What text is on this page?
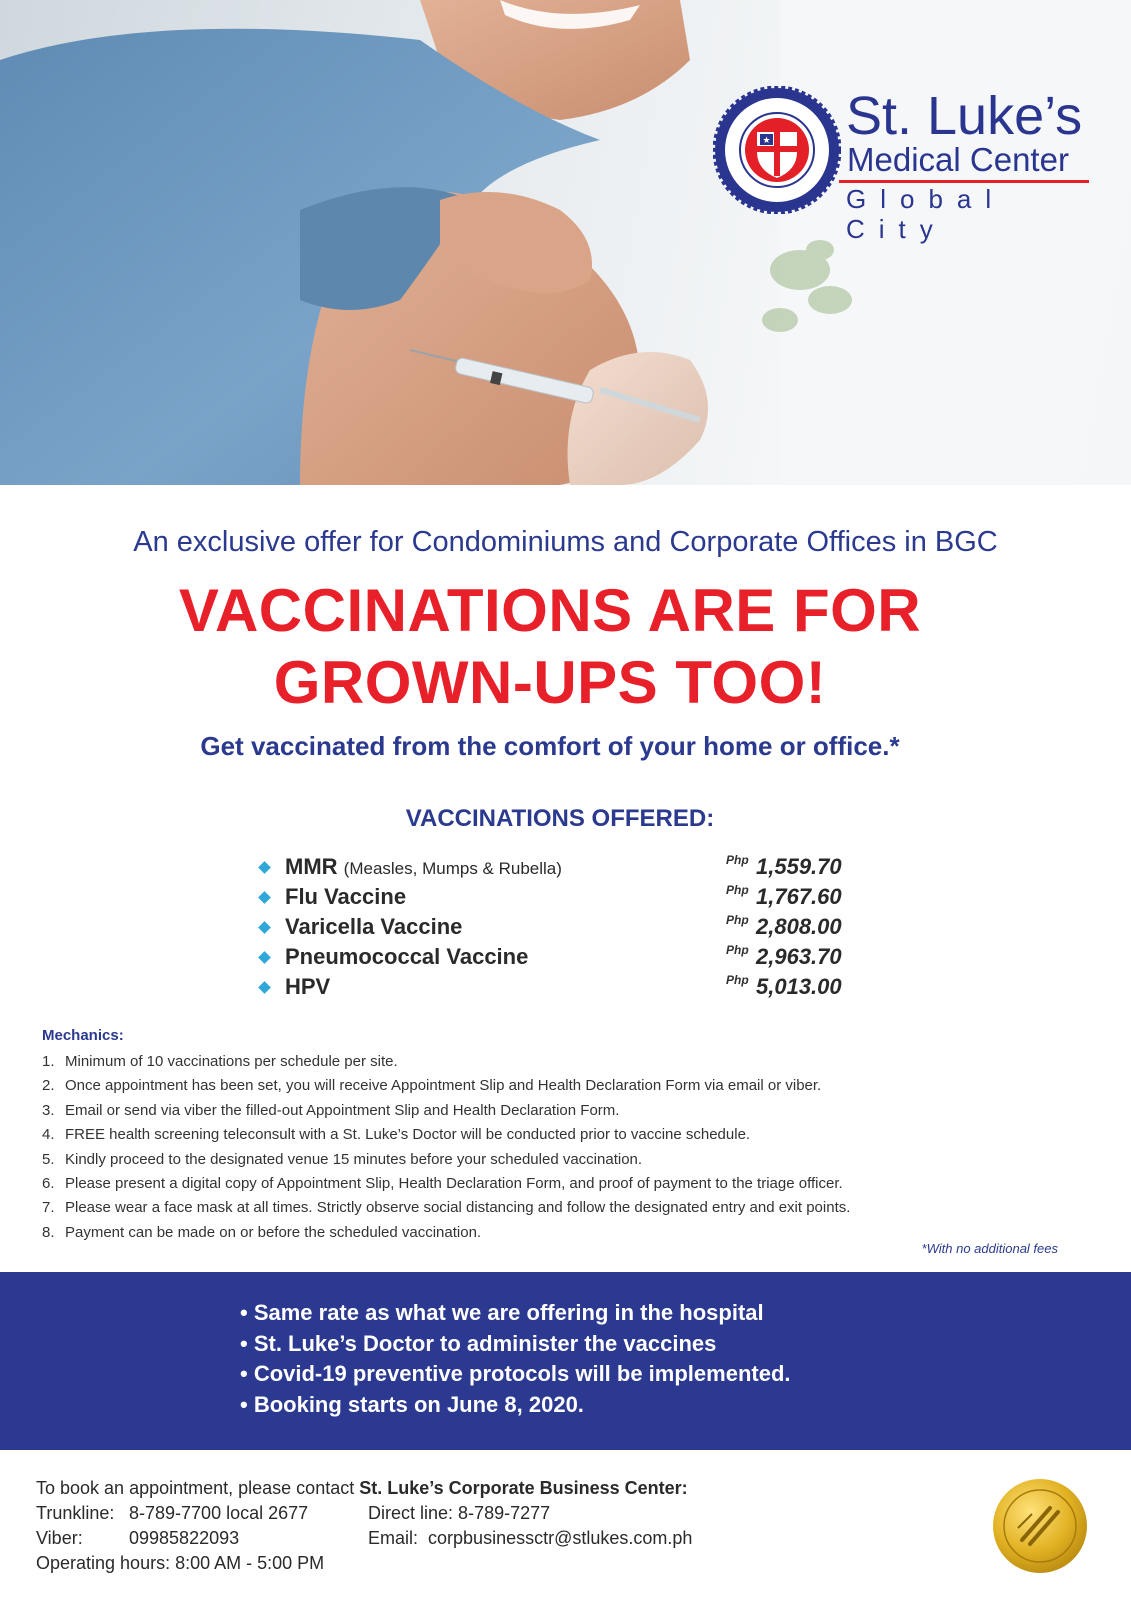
★ St. Luke’s
Medical Center
Global City
An exclusive offer for Condominiums and Corporate Offices in BGC
VACCINATIONS ARE FOR
GROWN-UPS TOO!
Get vaccinated from the comfort of your home or office.*
VACCINATIONS OFFERED:
MMR (Measles, Mumps & Rubella)	Php 1,559.70
Flu Vaccine	Php 1,767.60
Varicella Vaccine	Php 2,808.00
Pneumococcal Vaccine	Php 2,963.70
HPV	Php 5,013.00
Mechanics:
1. Minimum of 10 vaccinations per schedule per site.
2. Once appointment has been set, you will receive Appointment Slip and Health Declaration Form via email or viber.
3. Email or send via viber the filled-out Appointment Slip and Health Declaration Form.
4. FREE health screening teleconsult with a St. Luke’s Doctor will be conducted prior to vaccine schedule.
5. Kindly proceed to the designated venue 15 minutes before your scheduled vaccination.
6. Please present a digital copy of Appointment Slip, Health Declaration Form, and proof of payment to the triage officer.
7. Please wear a face mask at all times. Strictly observe social distancing and follow the designated entry and exit points.
8. Payment can be made on or before the scheduled vaccination.
*With no additional fees
• Same rate as what we are offering in the hospital
• St. Luke’s Doctor to administer the vaccines
• Covid-19 preventive protocols will be implemented.
• Booking starts on June 8, 2020.
To book an appointment, please contact St. Luke’s Corporate Business Center:
Trunkline: 8-789-7700 local 2677
Viber:	09985822093
Operating hours: 8:00 AM - 5:00 PM
Direct line: 8-789-7277
Email: corpbusinessctr@stlukes.com.ph
